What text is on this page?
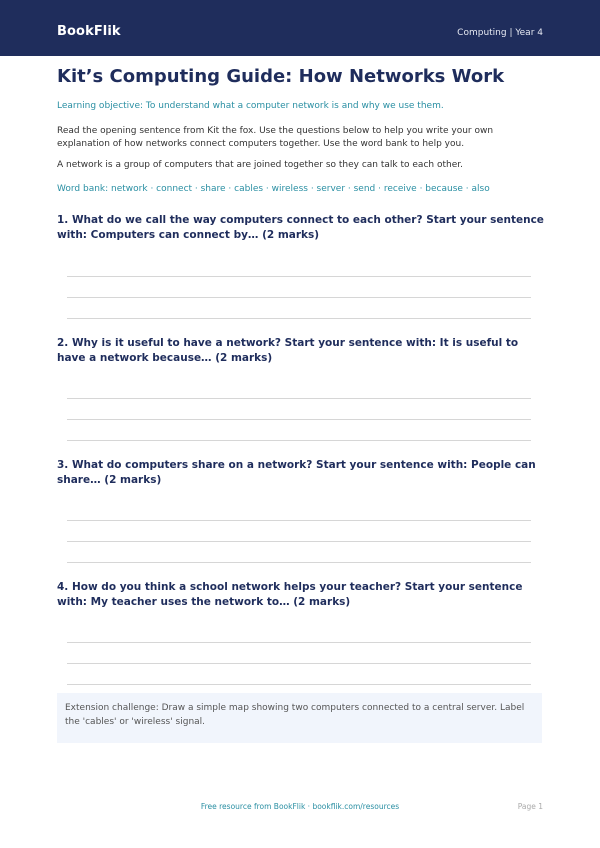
BookFlik	Computing | Year 4
Kit’s Computing Guide: How Networks Work
Learning objective: To understand what a computer network is and why we use them.
Read the opening sentence from Kit the fox. Use the questions below to help you write your own explanation of how networks connect computers together. Use the word bank to help you.
A network is a group of computers that are joined together so they can talk to each other.
Word bank: network · connect · share · cables · wireless · server · send · receive · because · also
1. What do we call the way computers connect to each other? Start your sentence with: Computers can connect by… (2 marks)
2. Why is it useful to have a network? Start your sentence with: It is useful to have a network because… (2 marks)
3. What do computers share on a network? Start your sentence with: People can share… (2 marks)
4. How do you think a school network helps your teacher? Start your sentence with: My teacher uses the network to… (2 marks)
Extension challenge: Draw a simple map showing two computers connected to a central server. Label the 'cables' or 'wireless' signal.
Free resource from BookFlik · bookflik.com/resources	Page 1
